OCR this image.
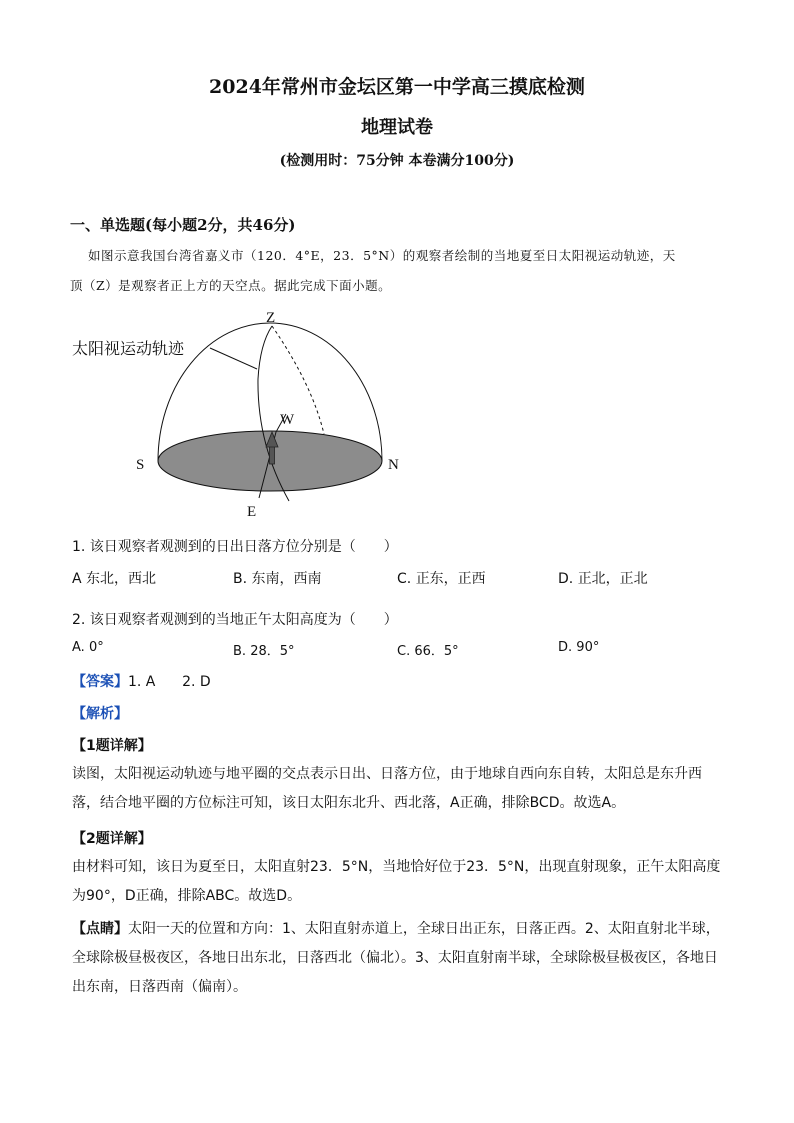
2024年常州市金坛区第一中学高三摸底检测
地理试卷
(检测用时：75分钟 本卷满分100分)
一、单选题(每小题2分，共46分)
如图示意我国台湾省嘉义市（120．4°E，23．5°N）的观察者绘制的当地夏至日太阳视运动轨迹，天
顶（Z）是观察者正上方的天空点。据此完成下面小题。
太阳视运动轨迹
Z
W
S	N
E
1. 该日观察者观测到的日出日落方位分别是（　　）
A 东北，西北	B. 东南，西南	C. 正东，正西	D. 正北，正北
2. 该日观察者观测到的当地正午太阳高度为（　　）
A. 0°	B. 28．5°	C. 66．5°	D. 90°
【答案】1. A 2. D
【解析】
【1题详解】
读图，太阳视运动轨迹与地平圈的交点表示日出、日落方位，由于地球自西向东自转，太阳总是东升西
落，结合地平圈的方位标注可知，该日太阳东北升、西北落，A正确，排除BCD。故选A。
【2题详解】
由材料可知，该日为夏至日，太阳直射23．5°N，当地恰好位于23．5°N，出现直射现象，正午太阳高度
为90°，D正确，排除ABC。故选D。
【点睛】太阳一天的位置和方向：1、太阳直射赤道上，全球日出正东，日落正西。2、太阳直射北半球，
全球除极昼极夜区，各地日出东北，日落西北（偏北）。3、太阳直射南半球，全球除极昼极夜区，各地日
出东南，日落西南（偏南）。
